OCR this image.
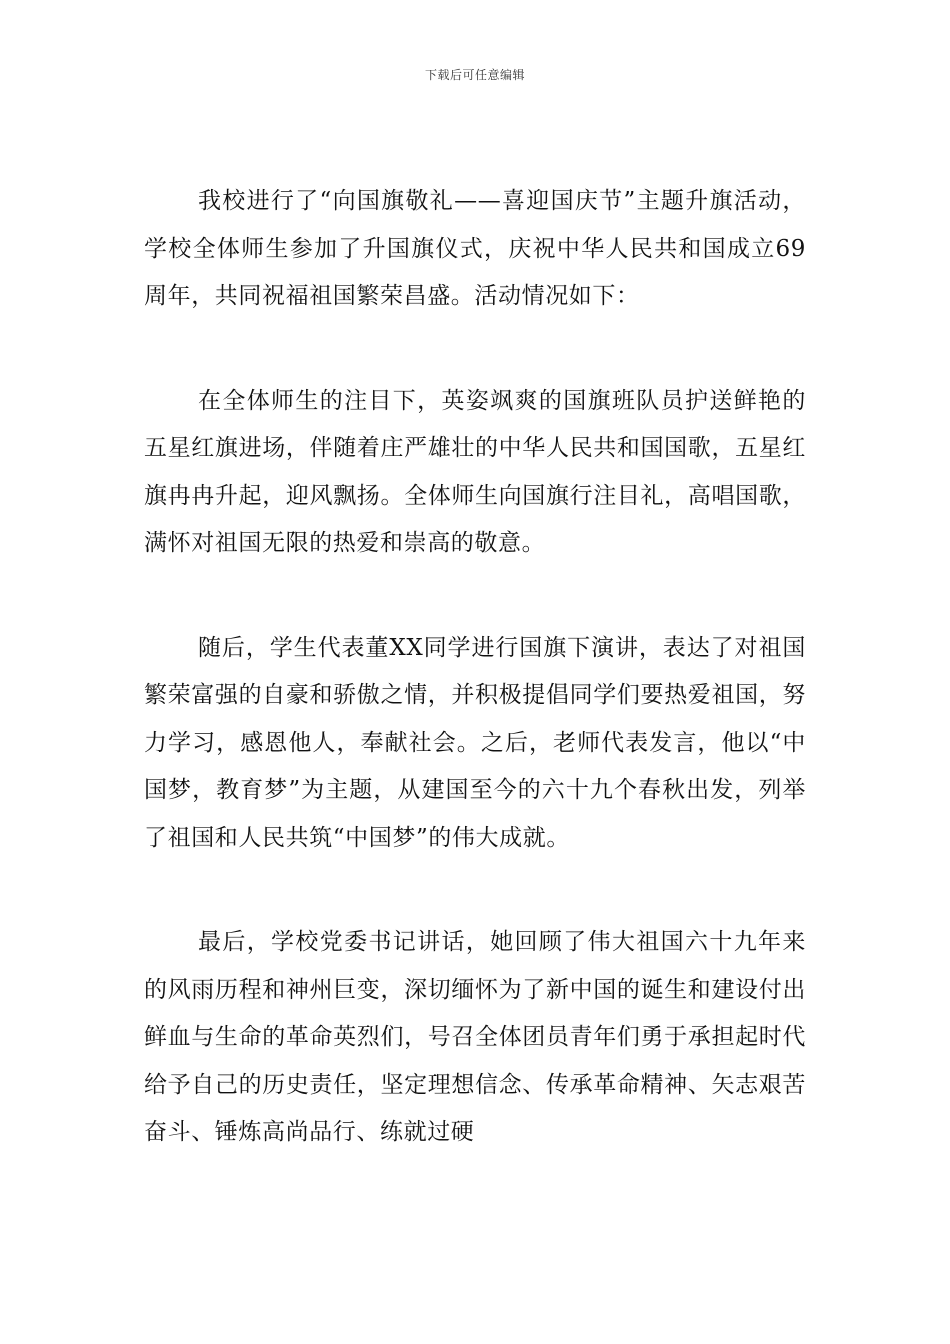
下载后可任意编辑

我校进行了“向国旗敬礼——喜迎国庆节”主题升旗活动，学校全体师生参加了升国旗仪式，庆祝中华人民共和国成立69周年，共同祝福祖国繁荣昌盛。活动情况如下：

在全体师生的注目下，英姿飒爽的国旗班队员护送鲜艳的五星红旗进场，伴随着庄严雄壮的中华人民共和国国歌，五星红旗冉冉升起，迎风飘扬。全体师生向国旗行注目礼，高唱国歌，满怀对祖国无限的热爱和崇高的敬意。

随后，学生代表董XX同学进行国旗下演讲，表达了对祖国繁荣富强的自豪和骄傲之情，并积极提倡同学们要热爱祖国，努力学习，感恩他人，奉献社会。之后，老师代表发言，他以“中国梦，教育梦”为主题，从建国至今的六十九个春秋出发，列举了祖国和人民共筑“中国梦”的伟大成就。

最后，学校党委书记讲话，她回顾了伟大祖国六十九年来的风雨历程和神州巨变，深切缅怀为了新中国的诞生和建设付出鲜血与生命的革命英烈们，号召全体团员青年们勇于承担起时代给予自己的历史责任，坚定理想信念、传承革命精神、矢志艰苦奋斗、锤炼高尚品行、练就过硬
